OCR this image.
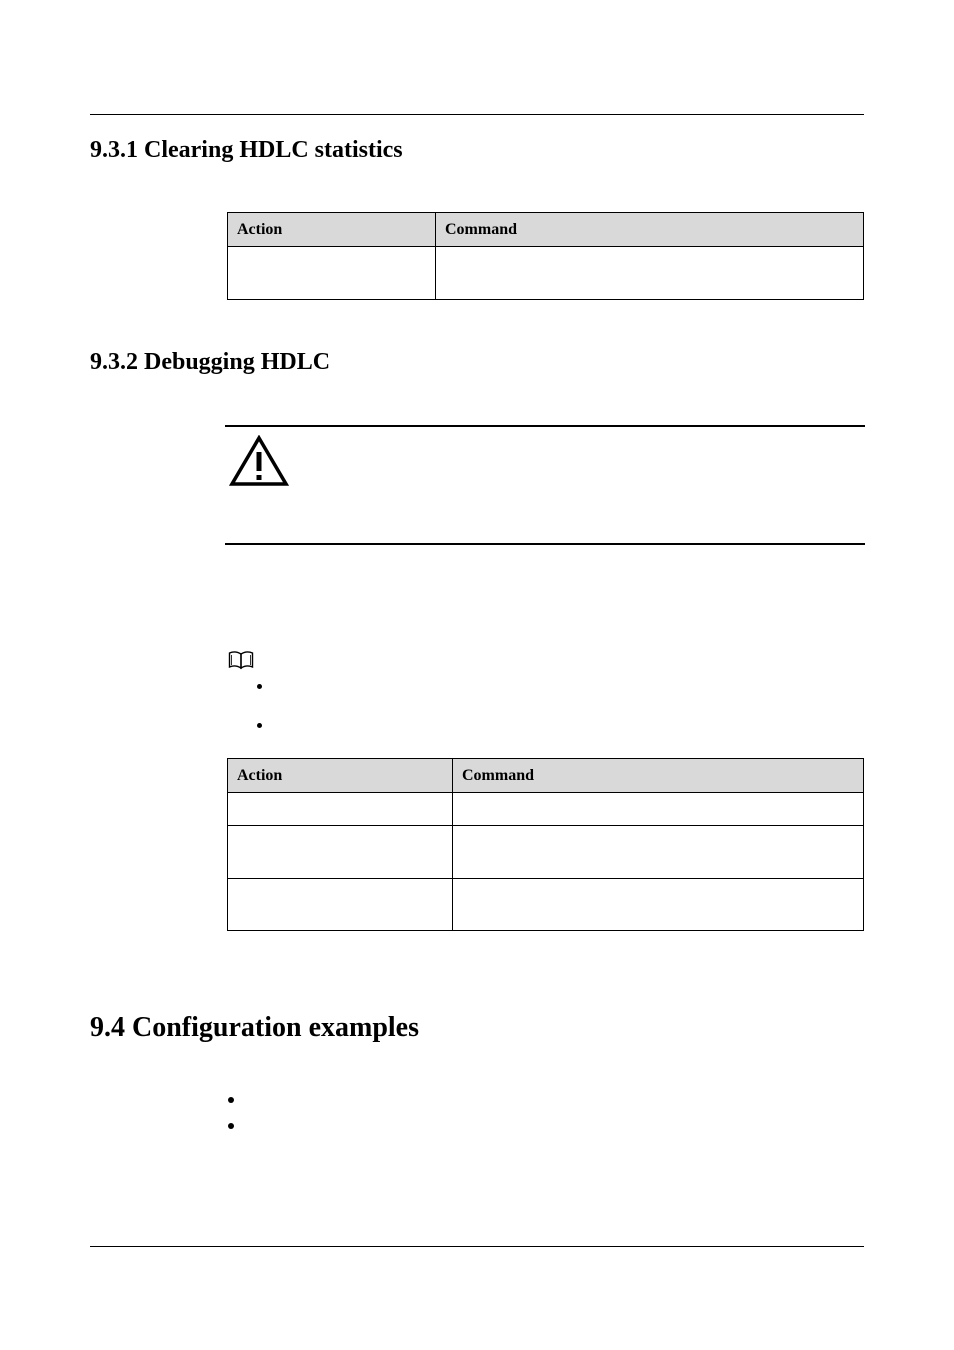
9.3.1 Clearing HDLC statistics
Action	Command

9.3.2 Debugging HDLC
Action	Command

9.4 Configuration examples
